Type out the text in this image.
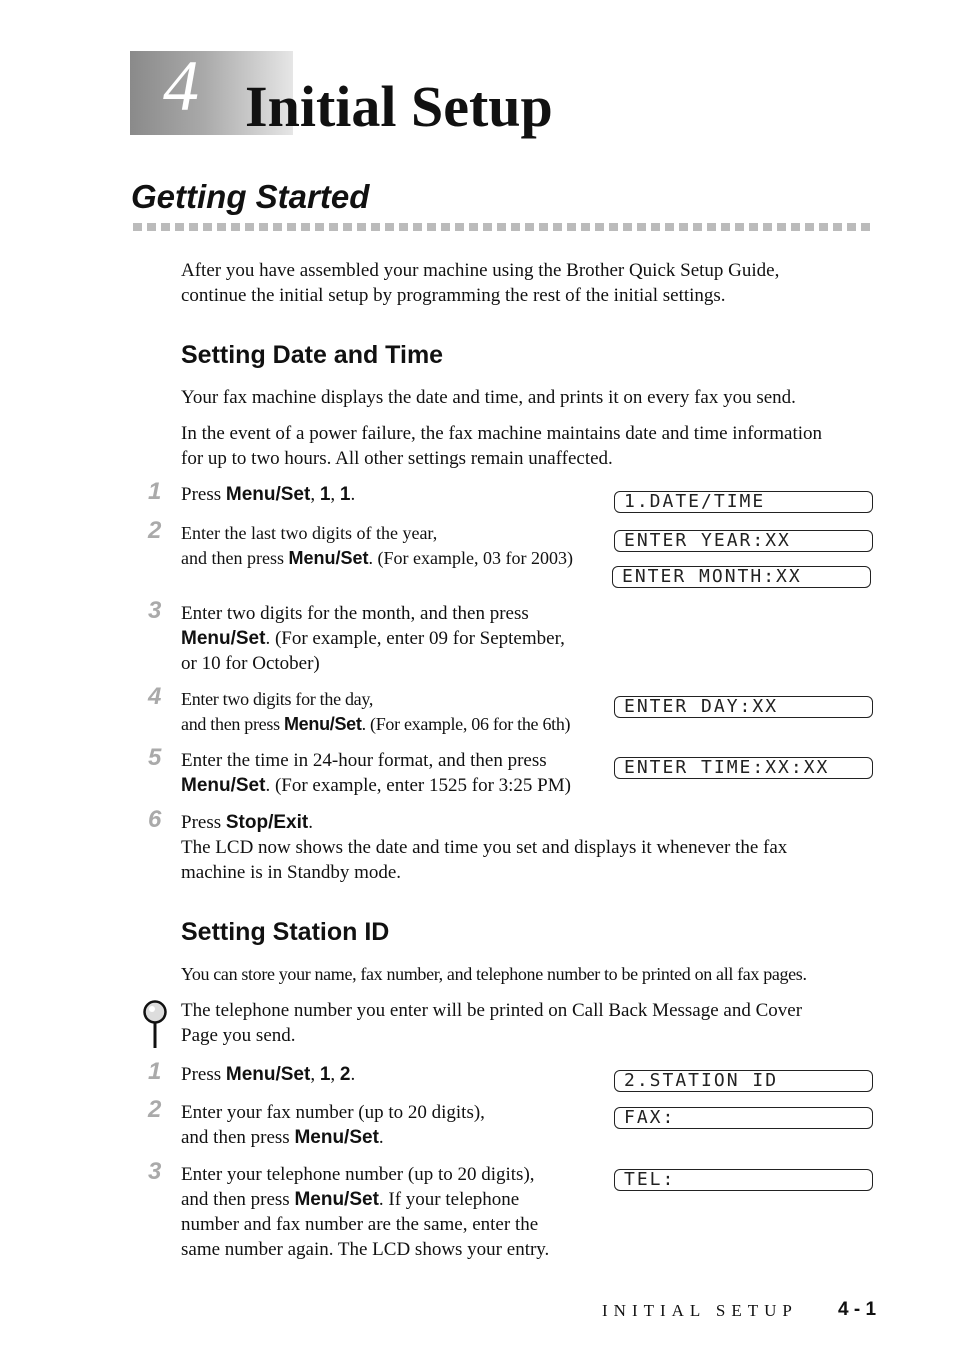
4 Initial Setup
Getting Started
After you have assembled your machine using the Brother Quick Setup Guide,
continue the initial setup by programming the rest of the initial settings.
Setting Date and Time
Your fax machine displays the date and time, and prints it on every fax you send.
In the event of a power failure, the fax machine maintains date and time information
for up to two hours. All other settings remain unaffected.
1 Press Menu/Set, 1, 1.
2 Enter the last two digits of the year,
and then press Menu/Set. (For example, 03 for 2003)
3 Enter two digits for the month, and then press
Menu/Set. (For example, enter 09 for September,
or 10 for October)
4 Enter two digits for the day,
and then press Menu/Set. (For example, 06 for the 6th)
5 Enter the time in 24-hour format, and then press
Menu/Set. (For example, enter 1525 for 3:25 PM)
6 Press Stop/Exit.
The LCD now shows the date and time you set and displays it whenever the fax
machine is in Standby mode.
1.DATE/TIME
ENTER YEAR:XX
ENTER MONTH:XX
ENTER DAY:XX
ENTER TIME:XX:XX
Setting Station ID
You can store your name, fax number, and telephone number to be printed on all fax pages.
The telephone number you enter will be printed on Call Back Message and Cover
Page you send.
1 Press Menu/Set, 1, 2.
2 Enter your fax number (up to 20 digits),
and then press Menu/Set.
3 Enter your telephone number (up to 20 digits),
and then press Menu/Set. If your telephone
number and fax number are the same, enter the
same number again. The LCD shows your entry.
2.STATION ID
FAX:
TEL:
INITIAL SETUP 4 - 1
